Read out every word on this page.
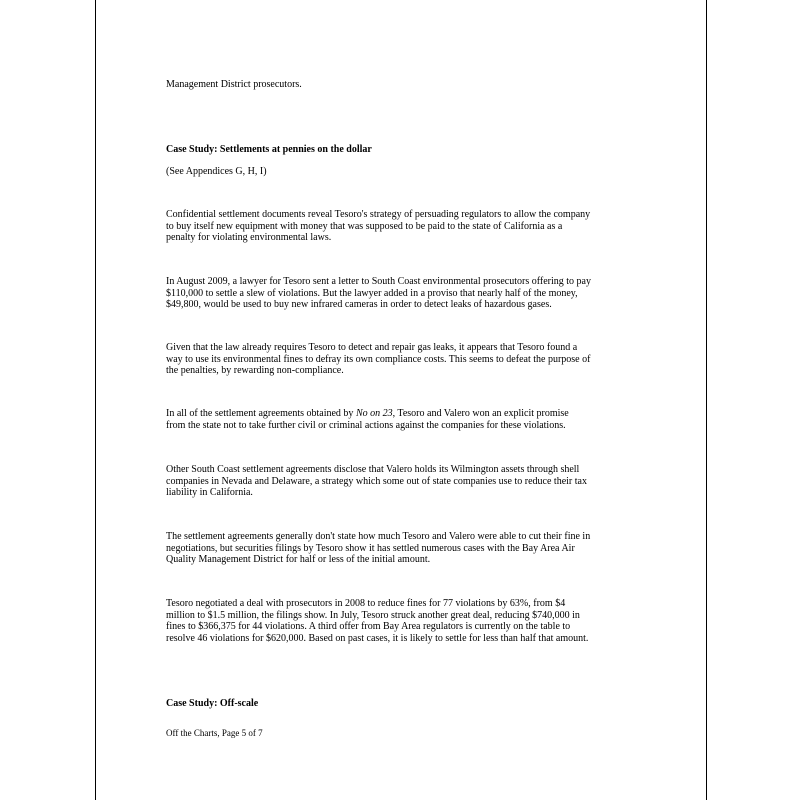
Management District prosecutors.

Case Study: Settlements at pennies on the dollar

(See Appendices G, H, I)

Confidential settlement documents reveal Tesoro's strategy of persuading regulators to allow the company
to buy itself new equipment with money that was supposed to be paid to the state of California as a
penalty for violating environmental laws.

In August 2009, a lawyer for Tesoro sent a letter to South Coast environmental prosecutors offering to pay
$110,000 to settle a slew of violations. But the lawyer added in a proviso that nearly half of the money,
$49,800, would be used to buy new infrared cameras in order to detect leaks of hazardous gases.

Given that the law already requires Tesoro to detect and repair gas leaks, it appears that Tesoro found a
way to use its environmental fines to defray its own compliance costs. This seems to defeat the purpose of
the penalties, by rewarding non-compliance.

In all of the settlement agreements obtained by No on 23, Tesoro and Valero won an explicit promise
from the state not to take further civil or criminal actions against the companies for these violations.

Other South Coast settlement agreements disclose that Valero holds its Wilmington assets through shell
companies in Nevada and Delaware, a strategy which some out of state companies use to reduce their tax
liability in California.

The settlement agreements generally don't state how much Tesoro and Valero were able to cut their fine in
negotiations, but securities filings by Tesoro show it has settled numerous cases with the Bay Area Air
Quality Management District for half or less of the initial amount.

Tesoro negotiated a deal with prosecutors in 2008 to reduce fines for 77 violations by 63%, from $4
million to $1.5 million, the filings show. In July, Tesoro struck another great deal, reducing $740,000 in
fines to $366,375 for 44 violations. A third offer from Bay Area regulators is currently on the table to
resolve 46 violations for $620,000. Based on past cases, it is likely to settle for less than half that amount.

Case Study: Off-scale

Off the Charts, Page 5 of 7
